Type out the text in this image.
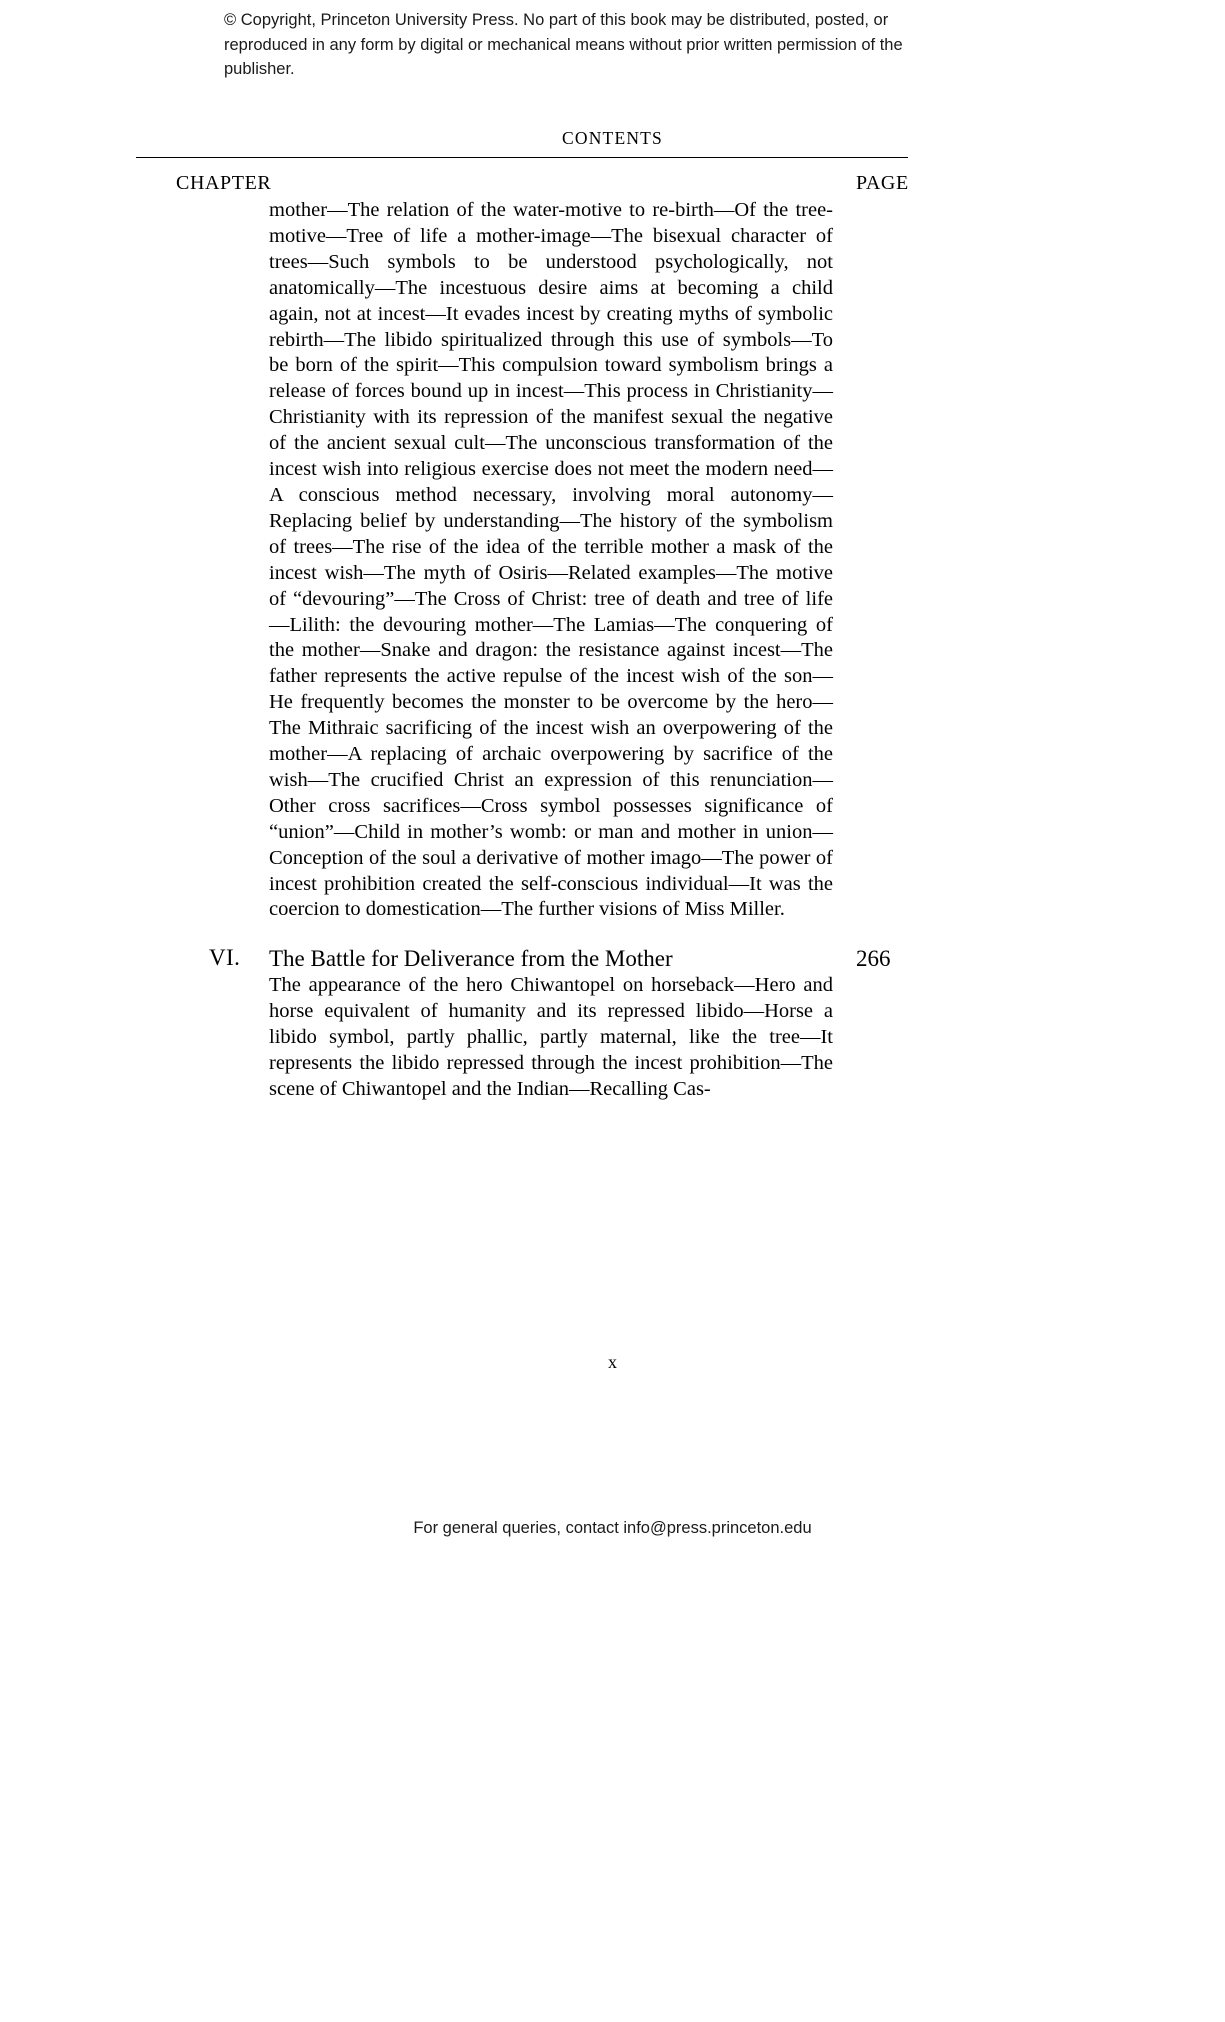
© Copyright, Princeton University Press. No part of this book may be distributed, posted, or reproduced in any form by digital or mechanical means without prior written permission of the publisher.
CONTENTS
CHAPTER	PAGE

mother—The relation of the water-motive to re-birth—Of the tree-motive—Tree of life a mother-image—The bisexual character of trees—Such symbols to be understood psychologically, not anatomically—The incestuous desire aims at becoming a child again, not at incest—It evades incest by creating myths of symbolic rebirth—The libido spiritualized through this use of symbols—To be born of the spirit—This compulsion toward symbolism brings a release of forces bound up in incest—This process in Christianity—Christianity with its repression of the manifest sexual the negative of the ancient sexual cult—The unconscious transformation of the incest wish into religious exercise does not meet the modern need—A conscious method necessary, involving moral autonomy—Replacing belief by understanding—The history of the symbolism of trees—The rise of the idea of the terrible mother a mask of the incest wish—The myth of Osiris—Related examples—The motive of “devouring”—The Cross of Christ: tree of death and tree of life—Lilith: the devouring mother—The Lamias—The conquering of the mother—Snake and dragon: the resistance against incest—The father represents the active repulse of the incest wish of the son—He frequently becomes the monster to be overcome by the hero—The Mithraic sacrificing of the incest wish an overpowering of the mother—A replacing of archaic overpowering by sacrifice of the wish—The crucified Christ an expression of this renunciation—Other cross sacrifices—Cross symbol possesses significance of “union”—Child in mother’s womb: or man and mother in union—Conception of the soul a derivative of mother imago—The power of incest prohibition created the self-conscious individual—It was the coercion to domestication—The further visions of Miss Miller.

VI. The Battle for Deliverance from the Mother	266

The appearance of the hero Chiwantopel on horseback—Hero and horse equivalent of humanity and its repressed libido—Horse a libido symbol, partly phallic, partly maternal, like the tree—It represents the libido repressed through the incest prohibition—The scene of Chiwantopel and the Indian—Recalling Cas-

x
For general queries, contact info@press.princeton.edu
